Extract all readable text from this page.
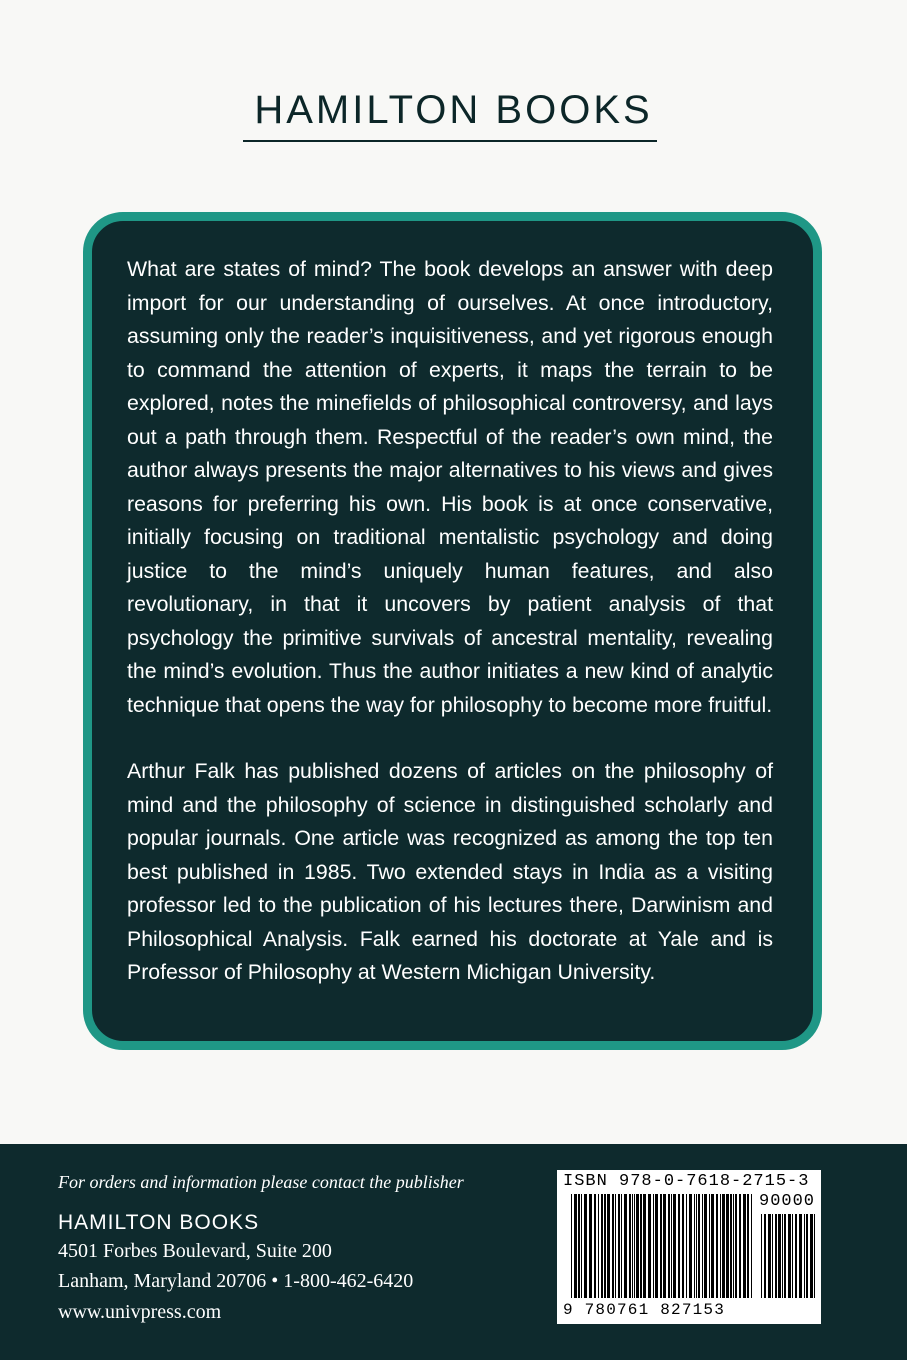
HAMILTON BOOKS

What are states of mind? The book develops an answer with deep import for our understanding of ourselves. At once introductory, assuming only the reader’s inquisitiveness, and yet rigorous enough to command the attention of experts, it maps the terrain to be explored, notes the minefields of philosophical controversy, and lays out a path through them. Respectful of the reader’s own mind, the author always presents the major alternatives to his views and gives reasons for preferring his own. His book is at once conservative, initially focusing on traditional mentalistic psychology and doing justice to the mind’s uniquely human features, and also revolutionary, in that it uncovers by patient analysis of that psychology the primitive survivals of ancestral mentality, revealing the mind’s evolution. Thus the author initiates a new kind of analytic technique that opens the way for philosophy to become more fruitful.

Arthur Falk has published dozens of articles on the philosophy of mind and the philosophy of science in distinguished scholarly and popular journals. One article was recognized as among the top ten best published in 1985. Two extended stays in India as a visiting professor led to the publication of his lectures there, Darwinism and Philosophical Analysis. Falk earned his doctorate at Yale and is Professor of Philosophy at Western Michigan University.

For orders and information please contact the publisher
HAMILTON BOOKS
4501 Forbes Boulevard, Suite 200
Lanham, Maryland 20706 • 1-800-462-6420
www.univpress.com
ISBN 978-0-7618-2715-3
90000
9 780761 827153
